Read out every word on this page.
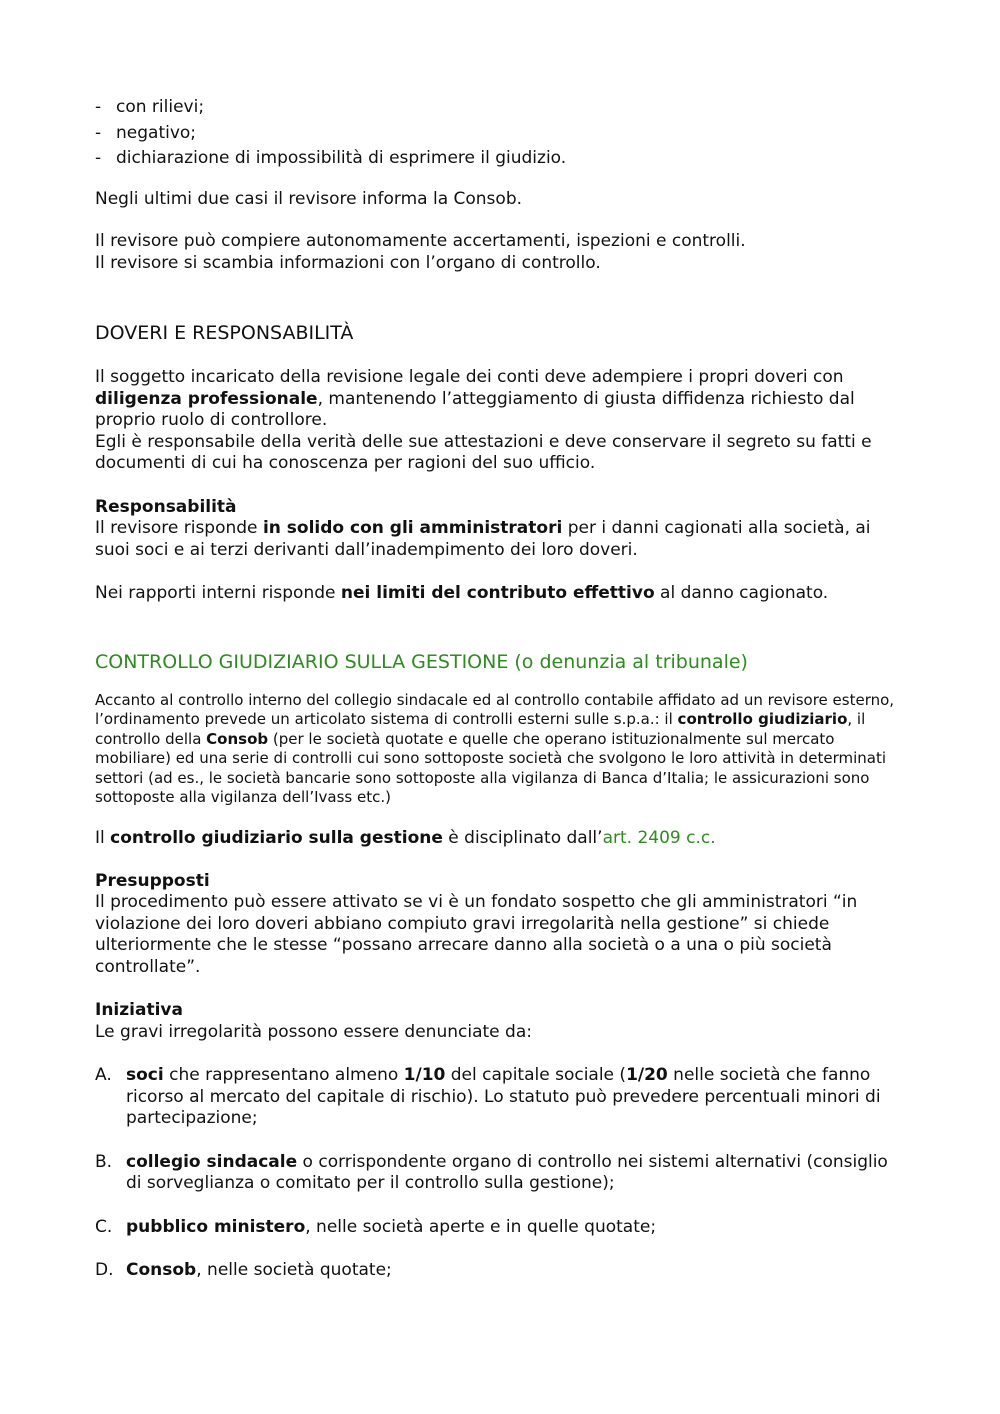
- con rilievi;
- negativo;
- dichiarazione di impossibilità di esprimere il giudizio.

Negli ultimi due casi il revisore informa la Consob.

Il revisore può compiere autonomamente accertamenti, ispezioni e controlli.

Il revisore si scambia informazioni con l’organo di controllo.

DOVERI E RESPONSABILITÀ

Il soggetto incaricato della revisione legale dei conti deve adempiere i propri doveri con diligenza professionale, mantenendo l’atteggiamento di giusta diffidenza richiesto dal proprio ruolo di controllore.

Egli è responsabile della verità delle sue attestazioni e deve conservare il segreto su fatti e documenti di cui ha conoscenza per ragioni del suo ufficio.

Responsabilità

Il revisore risponde in solido con gli amministratori per i danni cagionati alla società, ai suoi soci e ai terzi derivanti dall’inadempimento dei loro doveri.

Nei rapporti interni risponde nei limiti del contributo effettivo al danno cagionato.

CONTROLLO GIUDIZIARIO SULLA GESTIONE (o denunzia al tribunale)

Accanto al controllo interno del collegio sindacale ed al controllo contabile affidato ad un revisore esterno, l’ordinamento prevede un articolato sistema di controlli esterni sulle s.p.a.: il controllo giudiziario, il controllo della Consob (per le società quotate e quelle che operano istituzionalmente sul mercato mobiliare) ed una serie di controlli cui sono sottoposte società che svolgono le loro attività in determinati settori (ad es., le società bancarie sono sottoposte alla vigilanza di Banca d’Italia; le assicurazioni sono sottoposte alla vigilanza dell’Ivass etc.)

Il controllo giudiziario sulla gestione è disciplinato dall’art. 2409 c.c.

Presupposti

Il procedimento può essere attivato se vi è un fondato sospetto che gli amministratori “in violazione dei loro doveri abbiano compiuto gravi irregolarità nella gestione” si chiede ulteriormente che le stesse “possano arrecare danno alla società o a una o più società controllate”.

Iniziativa

Le gravi irregolarità possono essere denunciate da:

A. soci che rappresentano almeno 1/10 del capitale sociale (1/20 nelle società che fanno ricorso al mercato del capitale di rischio). Lo statuto può prevedere percentuali minori di partecipazione;
B. collegio sindacale o corrispondente organo di controllo nei sistemi alternativi (consiglio di sorveglianza o comitato per il controllo sulla gestione);
C. pubblico ministero, nelle società aperte e in quelle quotate;
D. Consob, nelle società quotate;
